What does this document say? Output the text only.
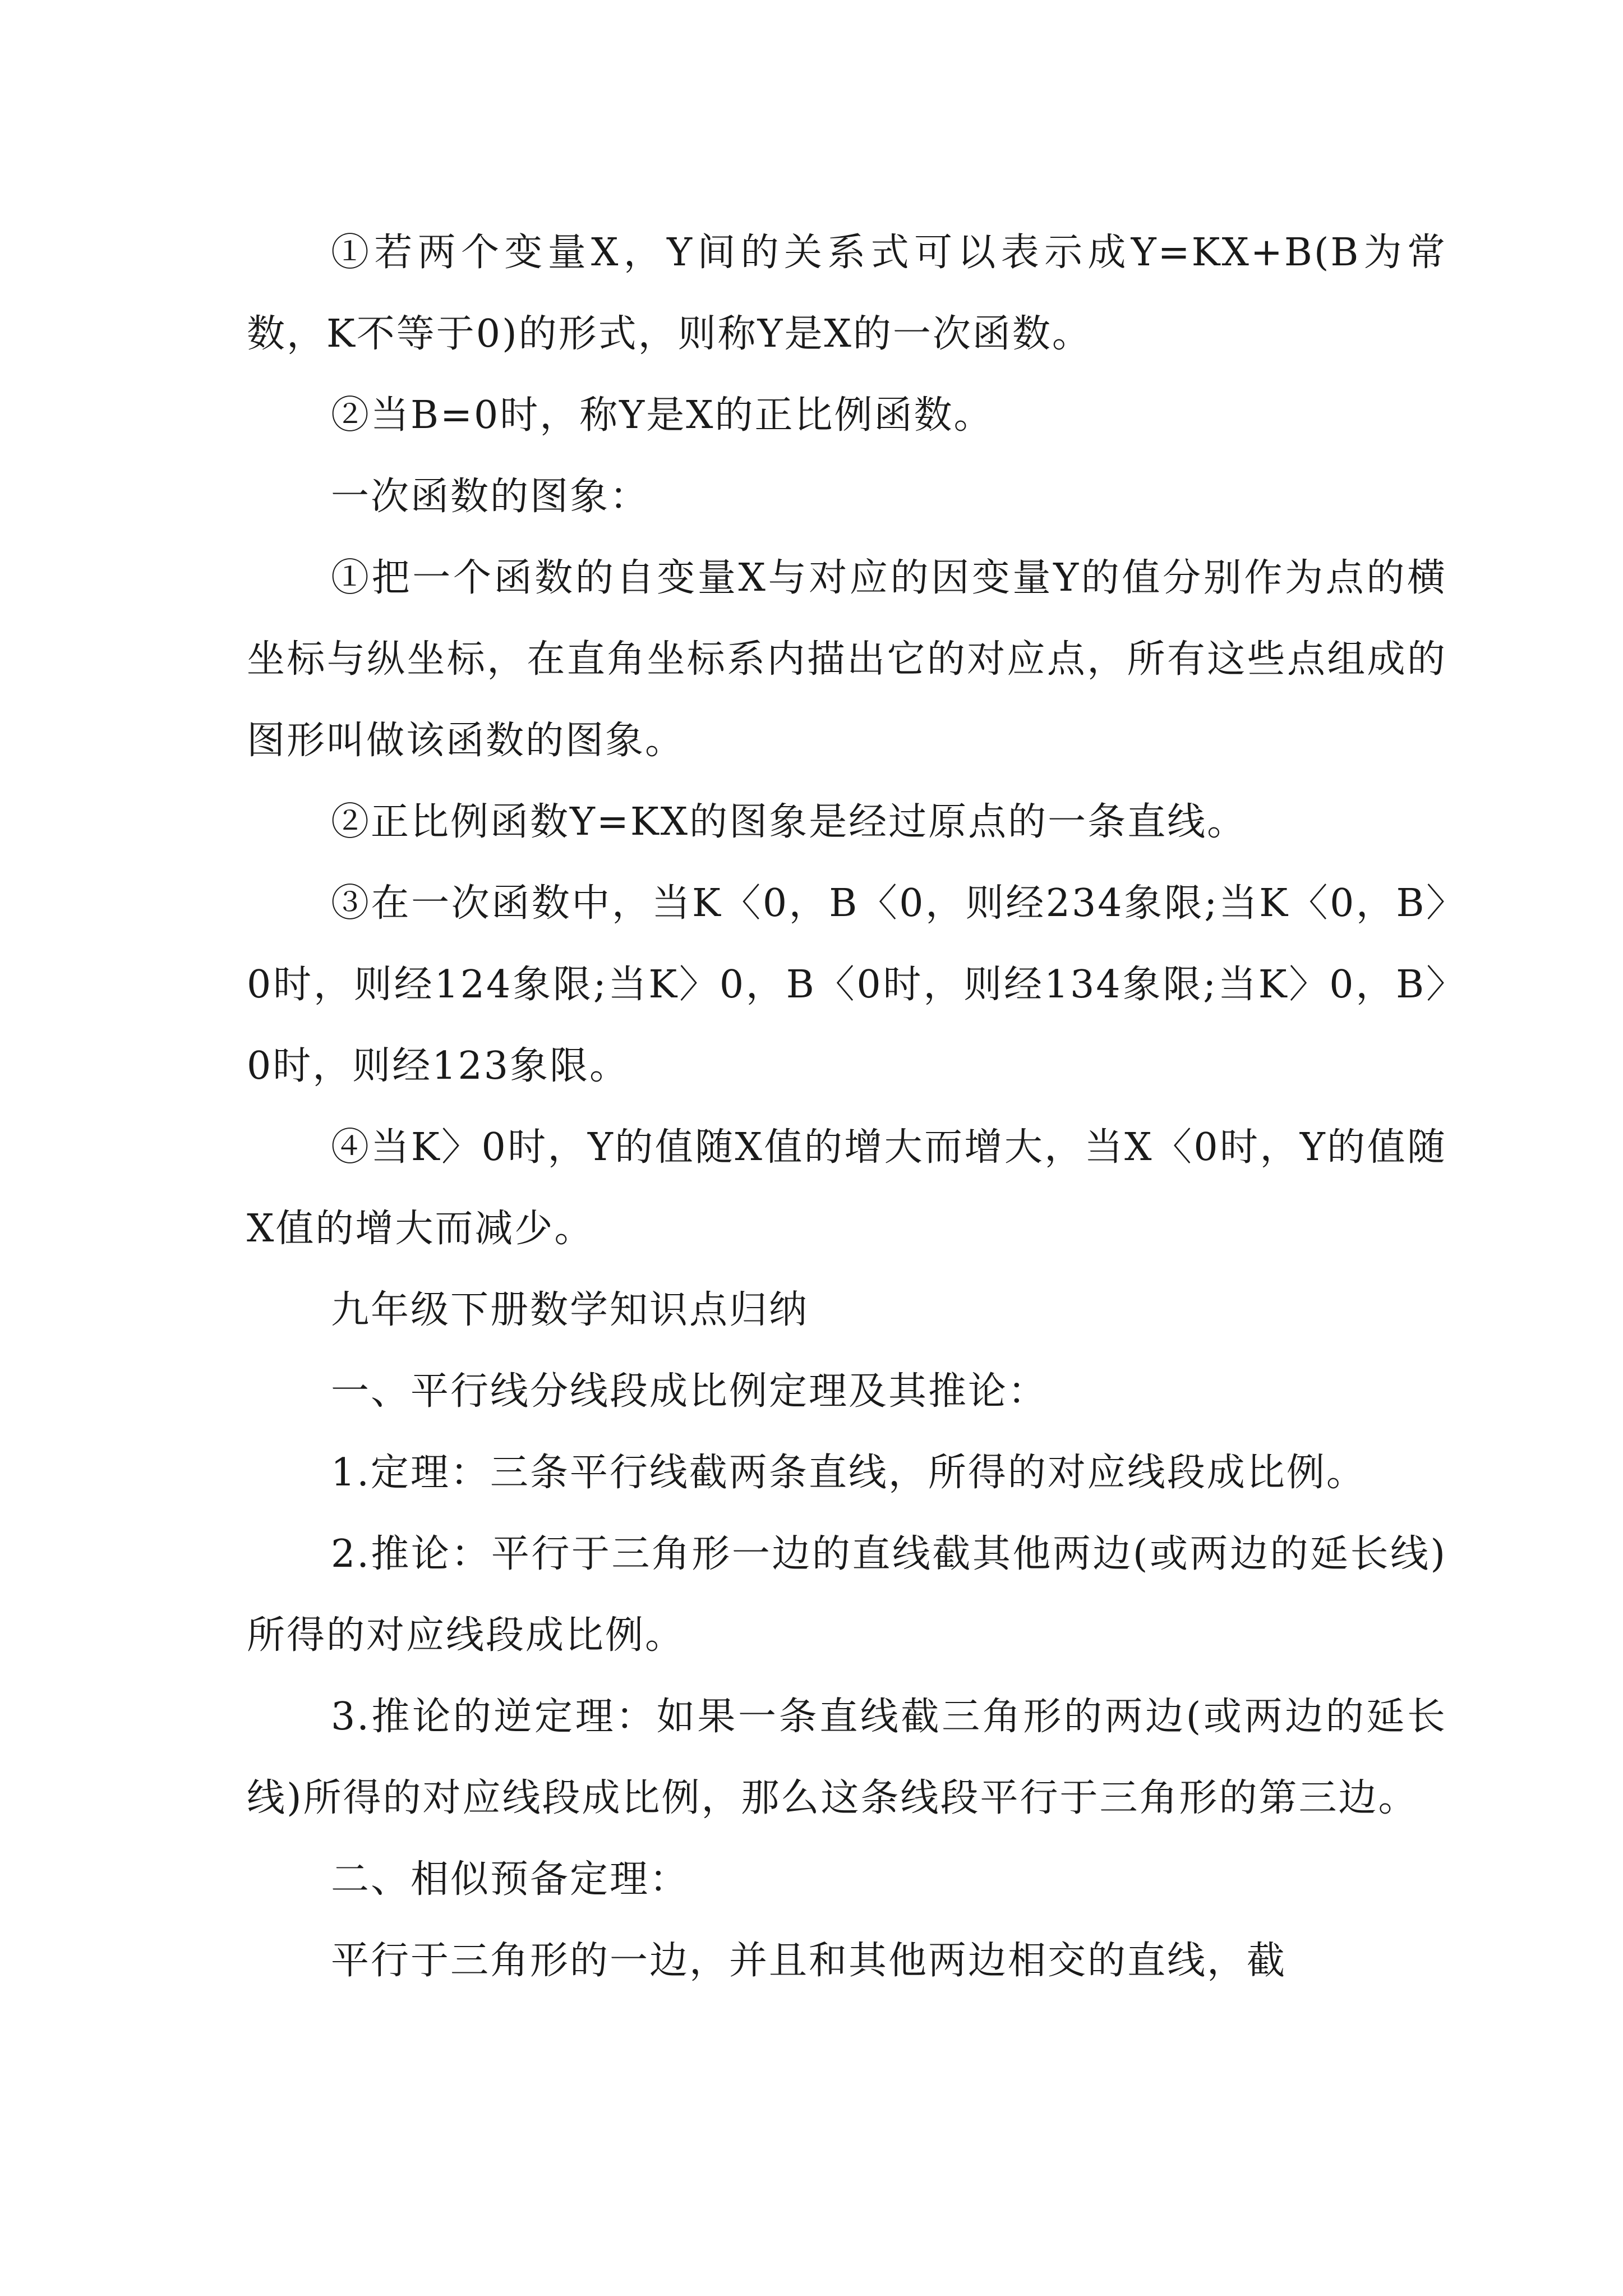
①若两个变量X，Y间的关系式可以表示成Y=KX+B(B为常数，K不等于0)的形式，则称Y是X的一次函数。

②当B=0时，称Y是X的正比例函数。

一次函数的图象：

①把一个函数的自变量X与对应的因变量Y的值分别作为点的横坐标与纵坐标，在直角坐标系内描出它的对应点，所有这些点组成的图形叫做该函数的图象。

②正比例函数Y=KX的图象是经过原点的一条直线。

③在一次函数中，当K〈0，B〈0，则经234象限;当K〈0，B〉0时，则经124象限;当K〉0，B〈0时，则经134象限;当K〉0，B〉0时，则经123象限。

④当K〉0时，Y的值随X值的增大而增大，当X〈0时，Y的值随X值的增大而减少。

九年级下册数学知识点归纳

一、平行线分线段成比例定理及其推论：

1.定理：三条平行线截两条直线，所得的对应线段成比例。

2.推论：平行于三角形一边的直线截其他两边(或两边的延长线)所得的对应线段成比例。

3.推论的逆定理：如果一条直线截三角形的两边(或两边的延长线)所得的对应线段成比例，那么这条线段平行于三角形的第三边。

二、相似预备定理：

平行于三角形的一边，并且和其他两边相交的直线，截
